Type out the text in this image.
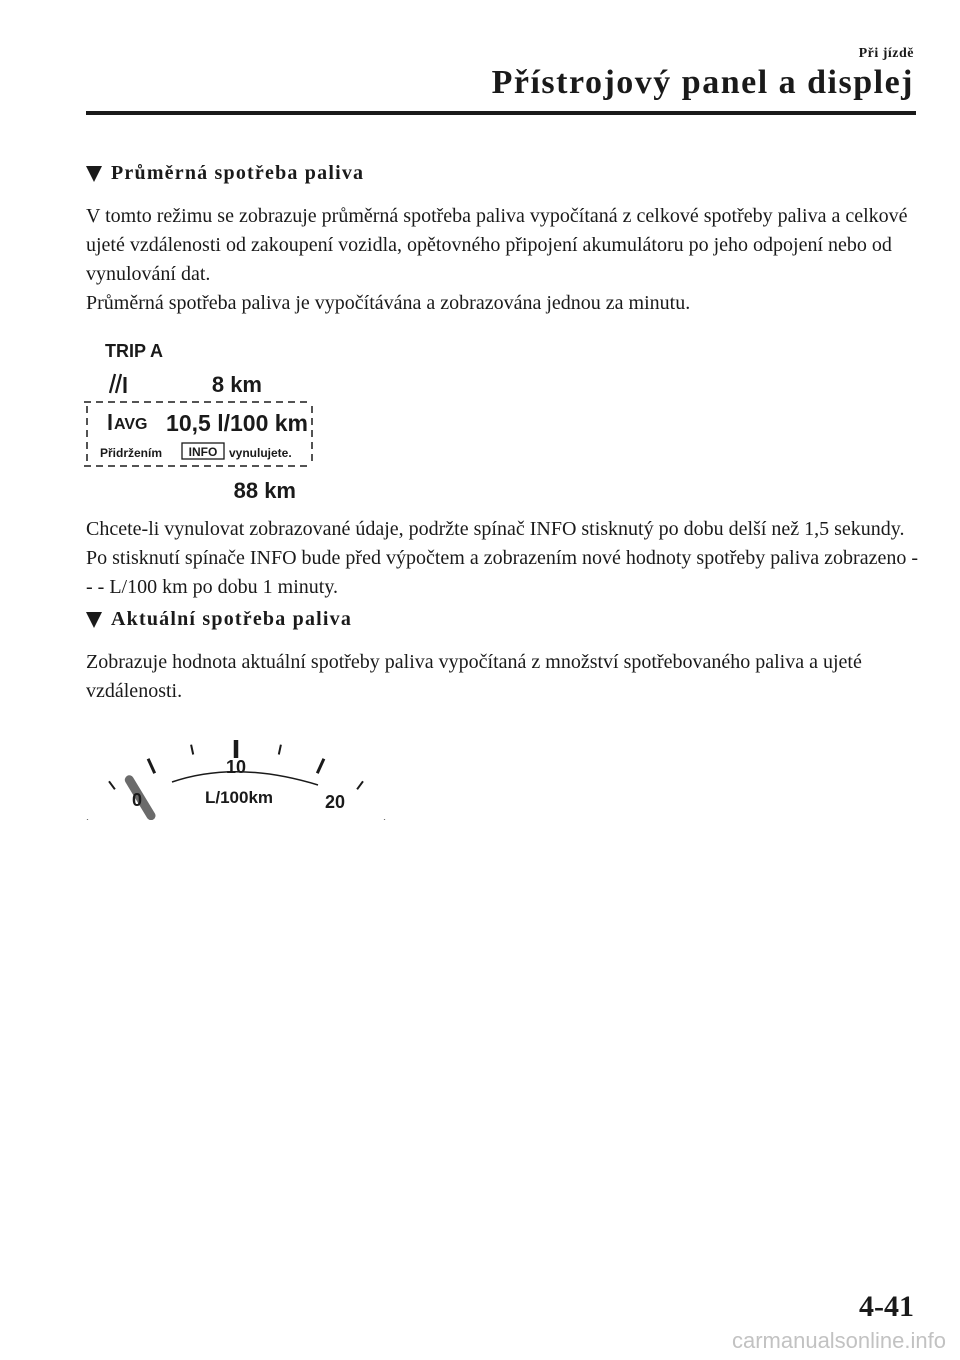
Při jízdě
Přístrojový panel a displej
Průměrná spotřeba paliva

V tomto režimu se zobrazuje průměrná spotřeba paliva vypočítaná z celkové spotřeby paliva a celkové ujeté vzdálenosti od zakoupení vozidla, opětovného připojení akumulátoru po jeho odpojení nebo od vynulování dat.

Průměrná spotřeba paliva je vypočítávána a zobrazována jednou za minutu.

TRIP A
8 km
AVG 10,5 l/100 km
Přidržením INFO vynulujete.
88 km

Chcete-li vynulovat zobrazované údaje, podržte spínač INFO stisknutý po dobu delší než 1,5 sekundy. Po stisknutí spínače INFO bude před výpočtem a zobrazením nové hodnoty spotřeby paliva zobrazeno - - - L/100 km po dobu 1 minuty.

Aktuální spotřeba paliva

Zobrazuje hodnota aktuální spotřeby paliva vypočítaná z množství spotřebovaného paliva a ujeté vzdálenosti.

10
0	20
L/100km
4-41
carmanualsonline.info
